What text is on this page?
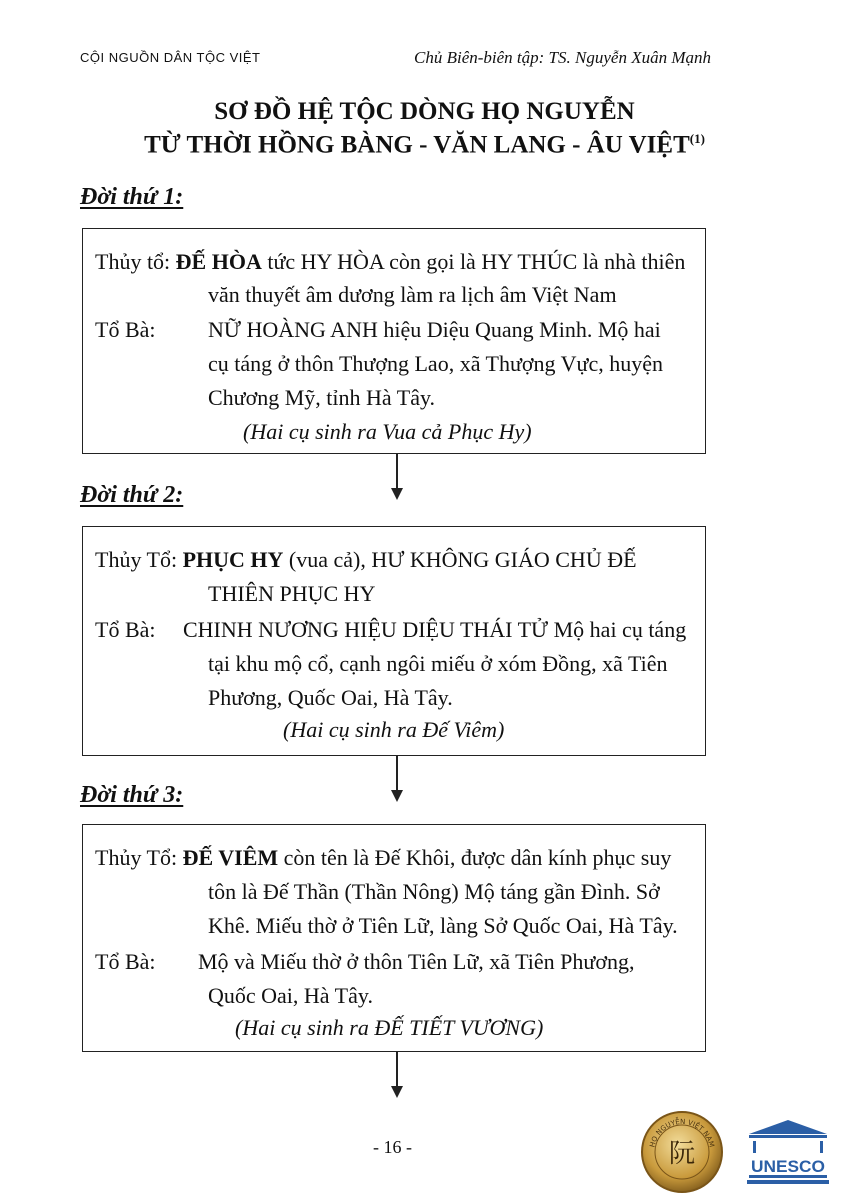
CỘI NGUỒN DÂN TỘC VIỆT	Chủ Biên-biên tập: TS. Nguyễn Xuân Mạnh
SƠ ĐỒ HỆ TỘC DÒNG HỌ NGUYỄN
TỪ THỜI HỒNG BÀNG - VĂN LANG - ÂU VIỆT$^{(1)}$
Đời thứ 1:
Thủy tổ: ĐẾ HÒA tức HY HÒA còn gọi là HY THÚC là nhà thiên
văn thuyết âm dương làm ra lịch âm Việt Nam
Tổ Bà: NỮ HOÀNG ANH hiệu Diệu Quang Minh. Mộ hai
cụ táng ở thôn Thượng Lao, xã Thượng Vực, huyện
Chương Mỹ, tỉnh Hà Tây.
(Hai cụ sinh ra Vua cả Phục Hy)
Đời thứ 2:
Thủy Tổ: PHỤC HY (vua cả), HƯ KHÔNG GIÁO CHỦ ĐẾ
THIÊN PHỤC HY
Tổ Bà: CHINH NƯƠNG HIỆU DIỆU THÁI TỬ Mộ hai cụ táng
tại khu mộ cổ, cạnh ngôi miếu ở xóm Đồng, xã Tiên
Phương, Quốc Oai, Hà Tây.
(Hai cụ sinh ra Đế Viêm)
Đời thứ 3:
Thủy Tổ: ĐẾ VIÊM còn tên là Đế Khôi, được dân kính phục suy
tôn là Đế Thần (Thần Nông) Mộ táng gần Đình. Sở
Khê. Miếu thờ ở Tiên Lữ, làng Sở Quốc Oai, Hà Tây.
Tổ Bà: Mộ và Miếu thờ ở thôn Tiên Lữ, xã Tiên Phương,
Quốc Oai, Hà Tây.
(Hai cụ sinh ra ĐẾ TIẾT VƯƠNG)
- 16 -	HỌ NGUYỄN VIỆT NAM
阮	UNESCO
